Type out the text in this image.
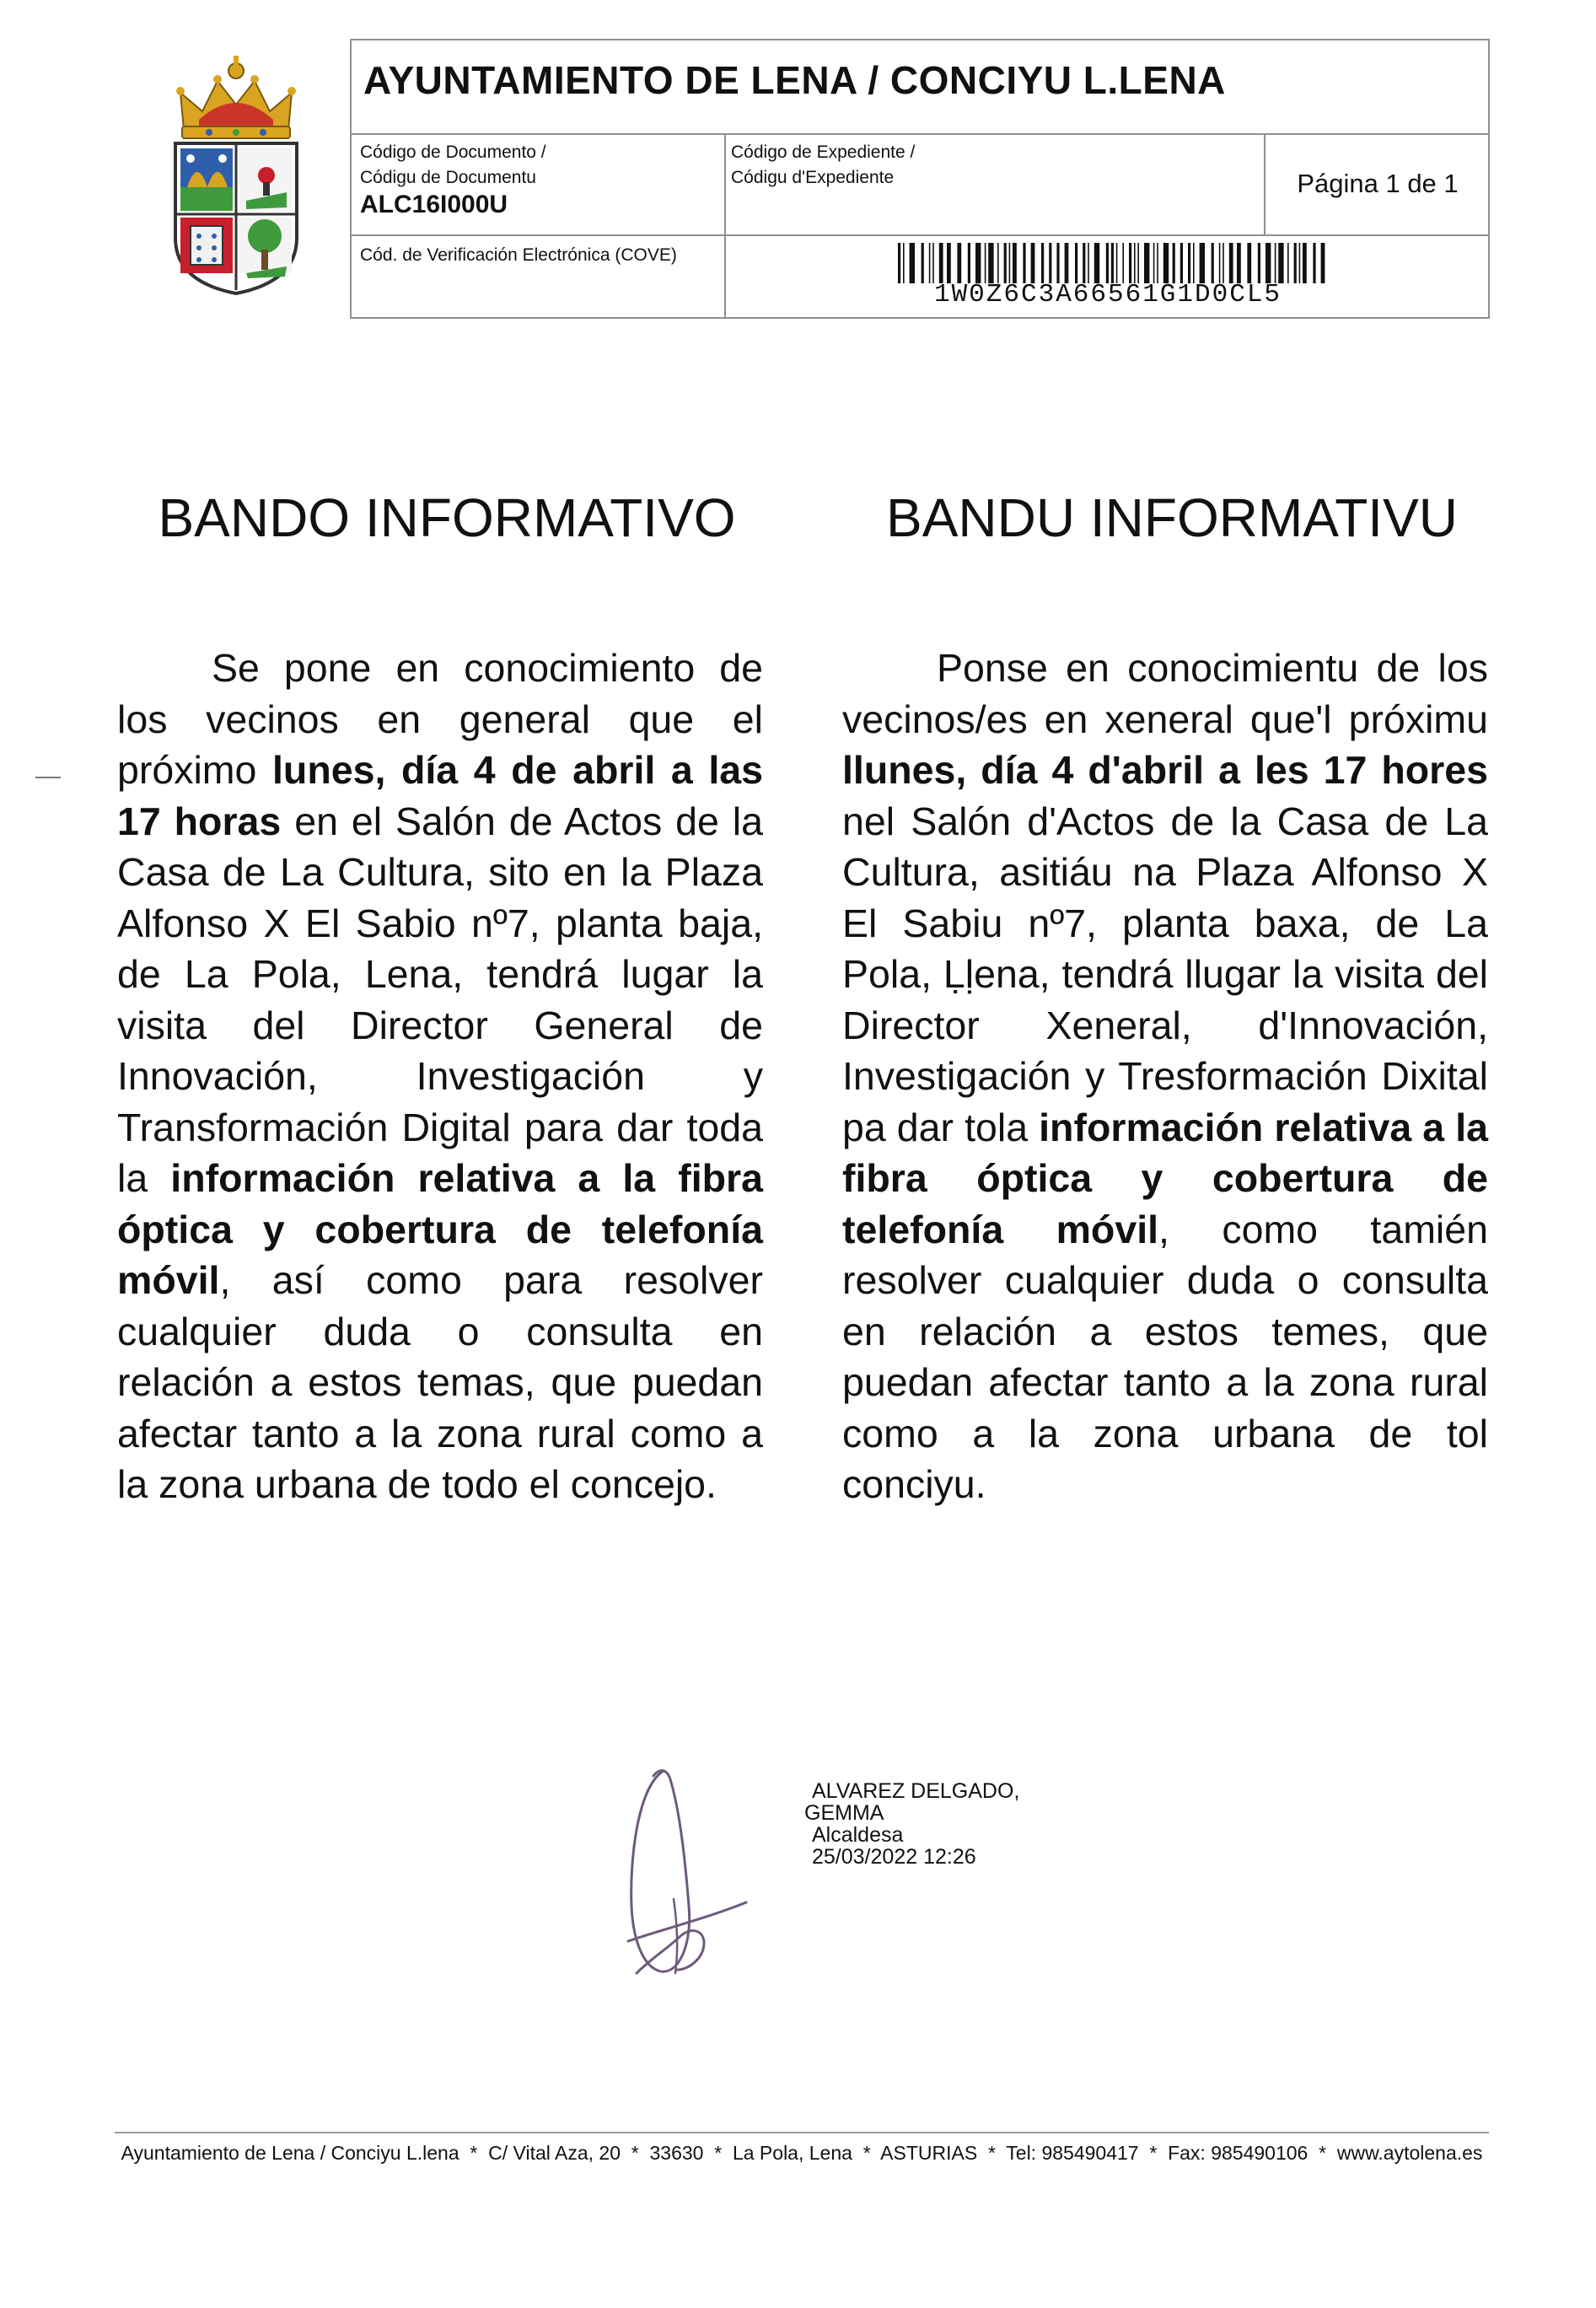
AYUNTAMIENTO DE LENA / CONCIYU L.LENA
Código de Documento /
Códigu de Documentu
ALC16I000U
Código de Expediente /
Códigu d'Expediente	Página 1 de 1
Cód. de Verificación Electrónica (COVE)
1W0Z6C3A66561G1D0CL5
BANDO INFORMATIVO	BANDU INFORMATIVU

Se pone en conocimiento de los vecinos en general que el próximo lunes, día 4 de abril a las 17 horas en el Salón de Actos de la Casa de La Cultura, sito en la Plaza Alfonso X El Sabio nº7, planta baja, de La Pola, Lena, tendrá lugar la visita del Director General de Innovación, Investigación y Transformación Digital para dar toda la información relativa a la fibra óptica y cobertura de telefonía móvil, así como para resolver cualquier duda o consulta en relación a estos temas, que puedan afectar tanto a la zona rural como a la zona urbana de todo el concejo.

Ponse en conocimientu de los vecinos/es en xeneral que'l próximu llunes, día 4 d'abril a les 17 hores nel Salón d'Actos de la Casa de La Cultura, asitiáu na Plaza Alfonso X El Sabiu nº7, planta baxa, de La Pola, Ḷḷena, tendrá llugar la visita del Director Xeneral, d'Innovación, Investigación y Tresformación Dixital pa dar tola información relativa a la fibra óptica y cobertura de telefonía móvil, como tamién resolver cualquier duda o consulta en relación a estos temes, que puedan afectar tanto a la zona rural como a la zona urbana de tol conciyu.

ALVAREZ DELGADO,
GEMMA
Alcaldesa
25/03/2022 12:26
Ayuntamiento de Lena / Conciyu L.lena  *  C/ Vital Aza, 20  *  33630  *  La Pola, Lena  *  ASTURIAS  *  Tel: 985490417  *  Fax: 985490106  *  www.aytolena.es
